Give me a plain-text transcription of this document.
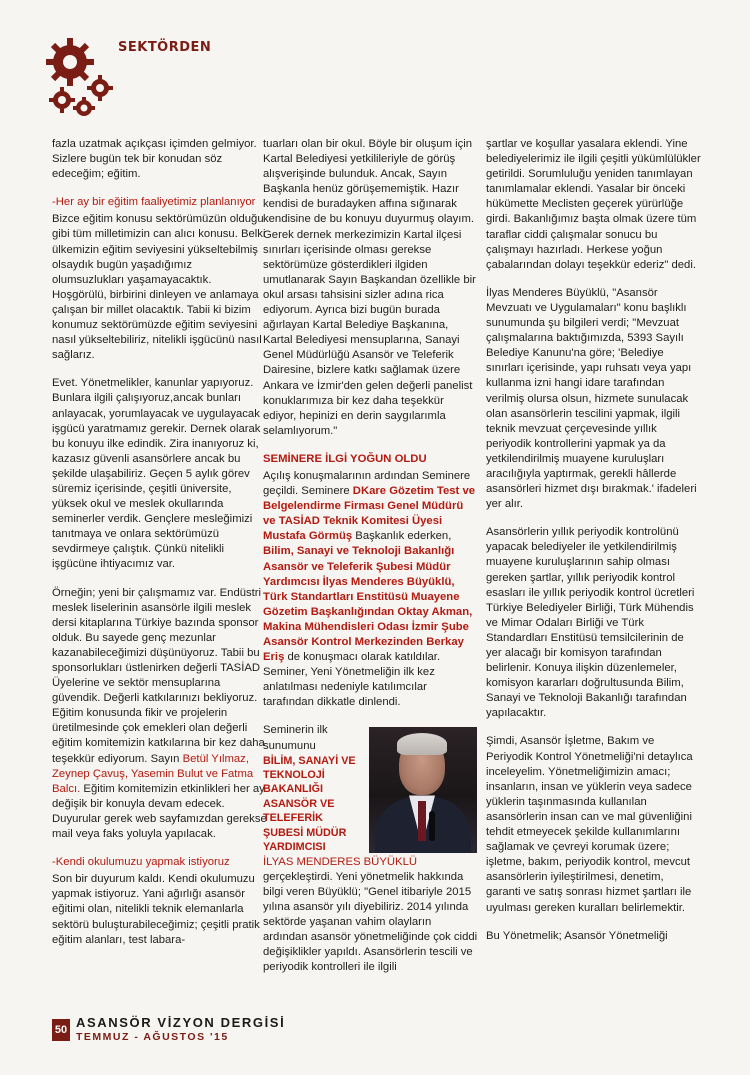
SEKTÖRDEN

fazla uzatmak açıkçası içimden gelmiyor. Sizlere bugün tek bir konudan söz edeceğim; eğitim.

-Her ay bir eğitim faaliyetimiz planlanıyor

Bizce eğitim konusu sektörümüzün olduğu gibi tüm milletimizin can alıcı konusu. Belki ülkemizin eğitim seviyesini yükseltebilmiş olsaydık bugün yaşadığımız olumsuzlukları yaşamayacaktık. Hoşgörülü, birbirini dinleyen ve anlamaya çalışan bir millet olacaktık. Tabii ki bizim konumuz sektörümüzde eğitim seviyesini nasıl yükseltebiliriz, nitelikli işgücünü nasıl sağlarız.

Evet. Yönetmelikler, kanunlar yapıyoruz. Bunlara ilgili çalışıyoruz,ancak bunları anlayacak, yorumlayacak ve uygulayacak işgücü yaratmamız gerekir. Dernek olarak bu konuyu ilke edindik. Zira inanıyoruz ki, kazasız güvenli asansörlere ancak bu şekilde ulaşabiliriz. Geçen 5 aylık görev süremiz içerisinde, çeşitli üniversite, yüksek okul ve meslek okullarında seminerler verdik. Gençlere mesleğimizi tanıtmaya ve onlara sektörümüzü sevdirmeye çalıştık. Çünkü nitelikli işgücüne ihtiyacımız var.

Örneğin; yeni bir çalışmamız var. Endüstri meslek liselerinin asansörle ilgili meslek dersi kitaplarına Türkiye bazında sponsor olduk. Bu sayede genç mezunlar kazanabileceğimizi düşünüyoruz. Tabii bu sponsorlukları üstlenirken değerli TASİAD Üyelerine ve sektör mensuplarına güvendik. Değerli katkılarınızı bekliyoruz. Eğitim konusunda fikir ve projelerin üretilmesinde çok emekleri olan değerli eğitim komitemizin katkılarına bir kez daha teşekkür ediyorum. Sayın Betül Yılmaz, Zeynep Çavuş, Yasemin Bulut ve Fatma Balcı. Eğitim komitemizin etkinlikleri her ay değişik bir konuyla devam edecek. Duyurular gerek web sayfamızdan gerekse mail veya faks yoluyla yapılacak.

-Kendi okulumuzu yapmak istiyoruz

Son bir duyurum kaldı. Kendi okulumuzu yapmak istiyoruz. Yani ağırlığı asansör eğitimi olan, nitelikli teknik elemanlarla sektörü buluşturabileceğimiz; çeşitli pratik eğitim alanları, test labara-

tuarları olan bir okul. Böyle bir oluşum için Kartal Belediyesi yetkilileriyle de görüş alışverişinde bulunduk. Ancak, Sayın Başkanla henüz görüşememiştik. Hazır kendisi de buradayken affına sığınarak kendisine de bu konuyu duyurmuş olayım. Gerek dernek merkezimizin Kartal ilçesi sınırları içerisinde olması gerekse sektörümüze gösterdikleri ilgiden umutlanarak Sayın Başkandan özellikle bir okul arsası tahsisini sizler adına rica ediyorum. Ayrıca bizi bugün burada ağırlayan Kartal Belediye Başkanına, Kartal Belediyesi mensuplarına, Sanayi Genel Müdürlüğü Asansör ve Teleferik Dairesine, bizlere katkı sağlamak üzere Ankara ve İzmir'den gelen değerli panelist konuklarımıza bir kez daha teşekkür ediyor, hepinizi en derin saygılarımla selamlıyorum."

SEMİNERE İLGİ YOĞUN OLDU

Açılış konuşmalarının ardından Seminere geçildi. Seminere DKare Gözetim Test ve Belgelendirme Firması Genel Müdürü ve TASİAD Teknik Komitesi Üyesi Mustafa Görmüş Başkanlık ederken, Bilim, Sanayi ve Teknoloji Bakanlığı Asansör ve Teleferik Şubesi Müdür Yardımcısı İlyas Menderes Büyüklü, Türk Standartları Enstitüsü Muayene Gözetim Başkanlığından Oktay Akman, Makina Mühendisleri Odası İzmir Şube Asansör Kontrol Merkezinden Berkay Eriş de konuşmacı olarak katıldılar. Seminer, Yeni Yönetmeliğin ilk kez anlatılması nedeniyle katılımcılar tarafından dikkatle dinlendi.

Seminerin ilk sunumunu
BİLİM, SANAYİ VE TEKNOLOJİ BAKANLIĞI ASANSÖR VE TELEFERİK ŞUBESİ MÜDÜR YARDIMCISI

İLYAS MENDERES BÜYÜKLÜ gerçekleştirdi. Yeni yönetmelik hakkında bilgi veren Büyüklü; "Genel itibariyle 2015 yılına asansör yılı diyebiliriz. 2014 yılında sektörde yaşanan vahim olayların ardından asansör yönetmeliğinde çok ciddi değişiklikler yapıldı. Asansörlerin tescili ve periyodik kontrolleri ile ilgili

şartlar ve koşullar yasalara eklendi. Yine belediyelerimiz ile ilgili çeşitli yükümlülükler getirildi. Sorumluluğu yeniden tanımlayan tanımlamalar eklendi. Yasalar bir önceki hükümette Meclisten geçerek yürürlüğe girdi. Bakanlığımız başta olmak üzere tüm taraflar ciddi çalışmalar sonucu bu çalışmayı hazırladı. Herkese yoğun çabalarından dolayı teşekkür ederiz" dedi.

İlyas Menderes Büyüklü, "Asansör Mevzuatı ve Uygulamaları" konu başlıklı sunumunda şu bilgileri verdi; "Mevzuat çalışmalarına baktığımızda, 5393 Sayılı Belediye Kanunu'na göre; 'Belediye sınırları içerisinde, yapı ruhsatı veya yapı kullanma izni hangi idare tarafından verilmiş olursa olsun, hizmete sunulacak olan asansörlerin tescilini yapmak, ilgili teknik mevzuat çerçevesinde yıllık periyodik kontrollerini yapmak ya da yetkilendirilmiş muayene kuruluşları aracılığıyla yaptırmak, gerekli hâllerde asansörleri hizmet dışı bırakmak.' ifadeleri yer alır.

Asansörlerin yıllık periyodik kontrolünü yapacak belediyeler ile yetkilendirilmiş muayene kuruluşlarının sahip olması gereken şartlar, yıllık periyodik kontrol esasları ile yıllık periyodik kontrol ücretleri Türkiye Belediyeler Birliği, Türk Mühendis ve Mimar Odaları Birliği ve Türk Standardları Enstitüsü temsilcilerinin de yer alacağı bir komisyon tarafından belirlenir. Konuya ilişkin düzenlemeler, komisyon kararları doğrultusunda Bilim, Sanayi ve Teknoloji Bakanlığı tarafından yapılacaktır.

Şimdi, Asansör İşletme, Bakım ve Periyodik Kontrol Yönetmeliği'ni detaylıca inceleyelim. Yönetmeliğimizin amacı; insanların, insan ve yüklerin veya sadece yüklerin taşınmasında kullanılan asansörlerin insan can ve mal güvenliğini tehdit etmeyecek şekilde kullanımlarını sağlamak ve çevreyi korumak üzere; işletme, bakım, periyodik kontrol, mevcut asansörlerin iyileştirilmesi, denetim, garanti ve satış sonrası hizmet şartları ile uyulması gereken kuralları belirlemektir.

Bu Yönetmelik; Asansör Yönetmeliği

50 ASANSÖR VİZYON DERGİSİ
TEMMUZ - AĞUSTOS '15
